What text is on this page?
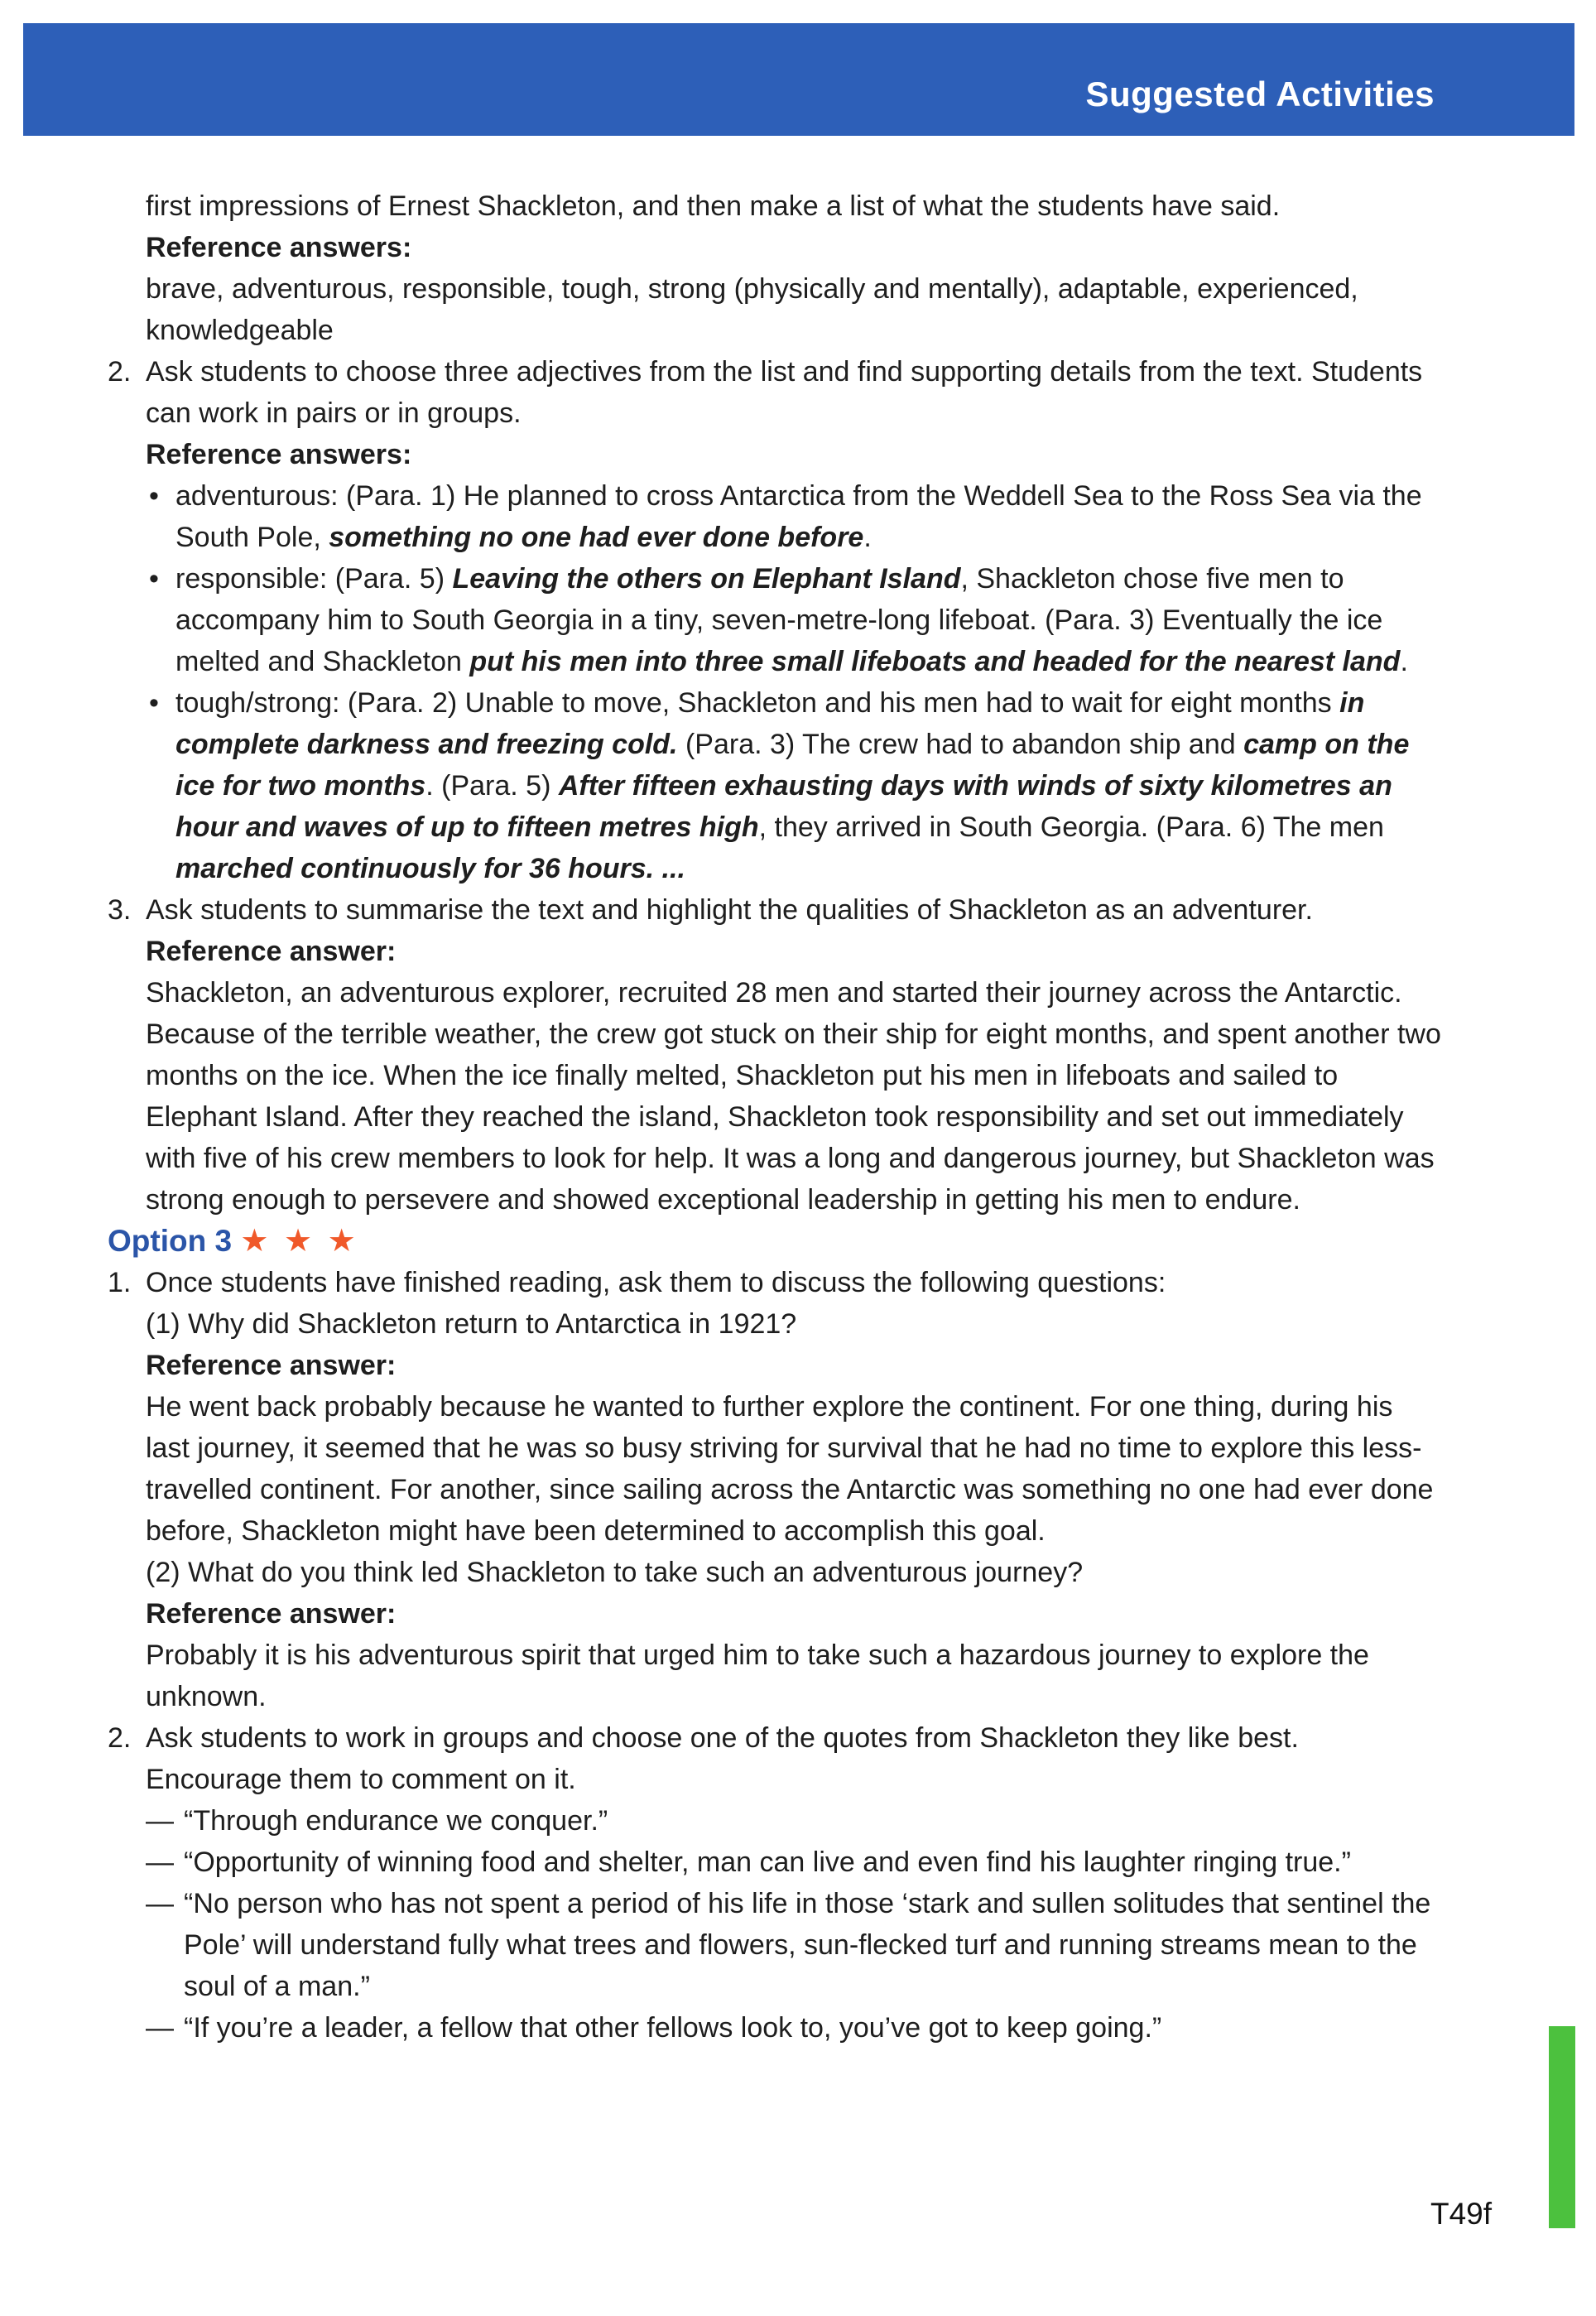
Suggested Activities

first impressions of Ernest Shackleton, and then make a list of what the students have said.

Reference answers:

brave, adventurous, responsible, tough, strong (physically and mentally), adaptable, experienced, knowledgeable

2. Ask students to choose three adjectives from the list and find supporting details from the text. Students can work in pairs or in groups.

Reference answers:

• adventurous: (Para. 1) He planned to cross Antarctica from the Weddell Sea to the Ross Sea via the South Pole, something no one had ever done before.

• responsible: (Para. 5) Leaving the others on Elephant Island, Shackleton chose five men to accompany him to South Georgia in a tiny, seven-metre-long lifeboat. (Para. 3) Eventually the ice melted and Shackleton put his men into three small lifeboats and headed for the nearest land.

• tough/strong: (Para. 2) Unable to move, Shackleton and his men had to wait for eight months in complete darkness and freezing cold. (Para. 3) The crew had to abandon ship and camp on the ice for two months. (Para. 5) After fifteen exhausting days with winds of sixty kilometres an hour and waves of up to fifteen metres high, they arrived in South Georgia. (Para. 6) The men marched continuously for 36 hours. ...

3. Ask students to summarise the text and highlight the qualities of Shackleton as an adventurer.

Reference answer:

Shackleton, an adventurous explorer, recruited 28 men and started their journey across the Antarctic. Because of the terrible weather, the crew got stuck on their ship for eight months, and spent another two months on the ice. When the ice finally melted, Shackleton put his men in lifeboats and sailed to Elephant Island. After they reached the island, Shackleton took responsibility and set out immediately with five of his crew members to look for help. It was a long and dangerous journey, but Shackleton was strong enough to persevere and showed exceptional leadership in getting his men to endure.

Option 3 ★ ★ ★

1. Once students have finished reading, ask them to discuss the following questions:

(1) Why did Shackleton return to Antarctica in 1921?

Reference answer:

He went back probably because he wanted to further explore the continent. For one thing, during his last journey, it seemed that he was so busy striving for survival that he had no time to explore this less-travelled continent. For another, since sailing across the Antarctic was something no one had ever done before, Shackleton might have been determined to accomplish this goal.

(2) What do you think led Shackleton to take such an adventurous journey?

Reference answer:

Probably it is his adventurous spirit that urged him to take such a hazardous journey to explore the unknown.

2. Ask students to work in groups and choose one of the quotes from Shackleton they like best. Encourage them to comment on it.

— “Through endurance we conquer.”

— “Opportunity of winning food and shelter, man can live and even find his laughter ringing true.”

— “No person who has not spent a period of his life in those ‘stark and sullen solitudes that sentinel the Pole’ will understand fully what trees and flowers, sun-flecked turf and running streams mean to the soul of a man.”

— “If you’re a leader, a fellow that other fellows look to, you’ve got to keep going.”

T49f
